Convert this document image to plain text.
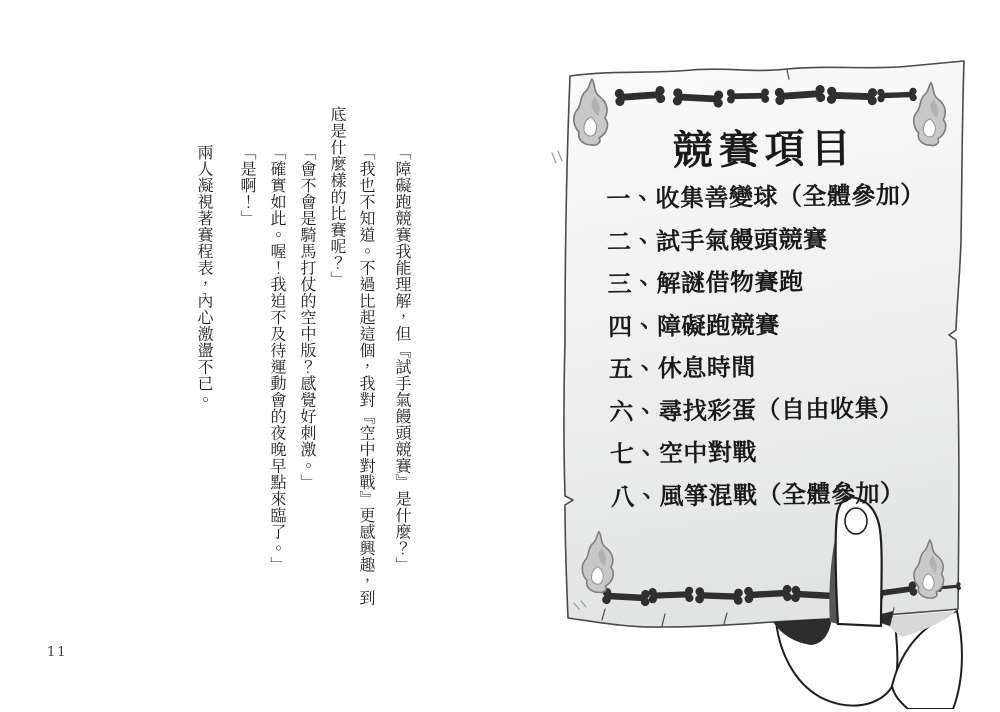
「障礙跑競賽我能理解，但『試手氣饅頭競賽』是什麼？」

「我也不知道。不過比起這個，我對『空中對戰』更感興趣，到底是什麼樣的比賽呢？」

「會不會是騎馬打仗的空中版？感覺好刺激。」

「確實如此。喔！我迫不及待運動會的夜晚早點來臨了。」

「是啊！」

兩人凝視著賽程表，內心激盪不已。

11
競賽項目
一、收集善變球（全體參加）
二、試手氣饅頭競賽
三、解謎借物賽跑
四、障礙跑競賽
五、休息時間
六、尋找彩蛋（自由收集）
七、空中對戰
八、風箏混戰（全體參加）
